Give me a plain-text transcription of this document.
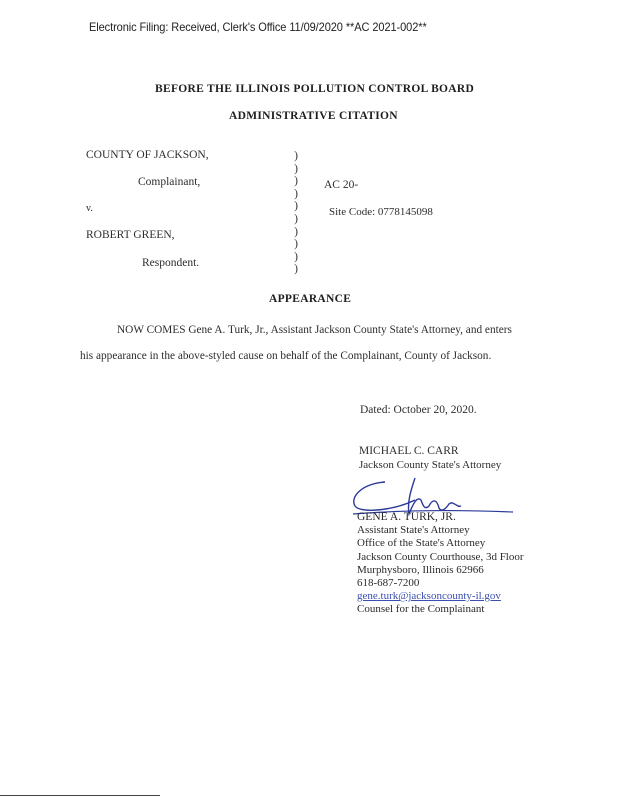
Electronic Filing: Received, Clerk's Office 11/09/2020 **AC 2021-002**
BEFORE THE ILLINOIS POLLUTION CONTROL BOARD
ADMINISTRATIVE CITATION
COUNTY OF JACKSON,
Complainant,
v.
ROBERT GREEN,
Respondent.
)
)
)
)
)
)
)
)
)
)
AC 20-
Site Code: 0778145098
APPEARANCE
NOW COMES Gene A. Turk, Jr., Assistant Jackson County State's Attorney, and enters
his appearance in the above-styled cause on behalf of the Complainant, County of Jackson.
Dated: October 20, 2020.
MICHAEL C. CARR
Jackson County State's Attorney
GENE A. TURK, JR.
Assistant State's Attorney
Office of the State's Attorney
Jackson County Courthouse, 3d Floor
Murphysboro, Illinois 62966
618-687-7200
gene.turk@jacksoncounty-il.gov
Counsel for the Complainant
